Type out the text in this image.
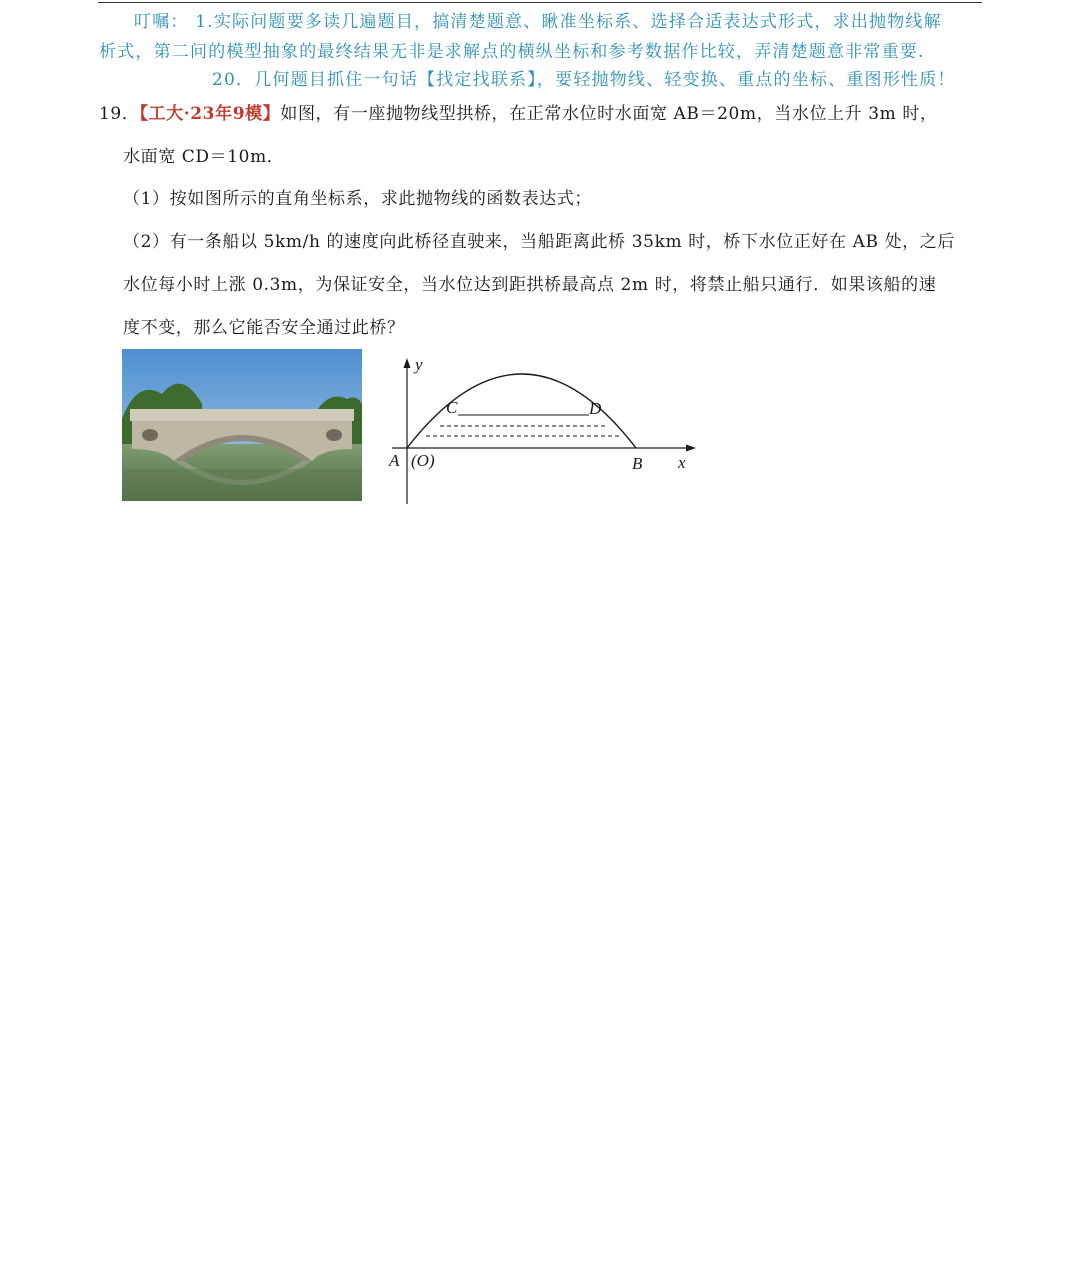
叮嘱： 1.实际问题要多读几遍题目，搞清楚题意、瞅准坐标系、选择合适表达式形式，求出抛物线解
析式，第二问的模型抽象的最终结果无非是求解点的横纵坐标和参考数据作比较，弄清楚题意非常重要.
20．几何题目抓住一句话【找定找联系】，要轻抛物线、轻变换、重点的坐标、重图形性质！
19．【工大·23年9模】如图，有一座抛物线型拱桥，在正常水位时水面宽 AB＝20m，当水位上升 3m 时，
水面宽 CD＝10m．
（1）按如图所示的直角坐标系，求此抛物线的函数表达式；
（2）有一条船以 5km/h 的速度向此桥径直驶来，当船距离此桥 35km 时，桥下水位正好在 AB 处，之后
水位每小时上涨 0.3m，为保证安全，当水位达到距拱桥最高点 2m 时，将禁止船只通行．如果该船的速
度不变，那么它能否安全通过此桥？
y
x
A (O)	B
C	D
